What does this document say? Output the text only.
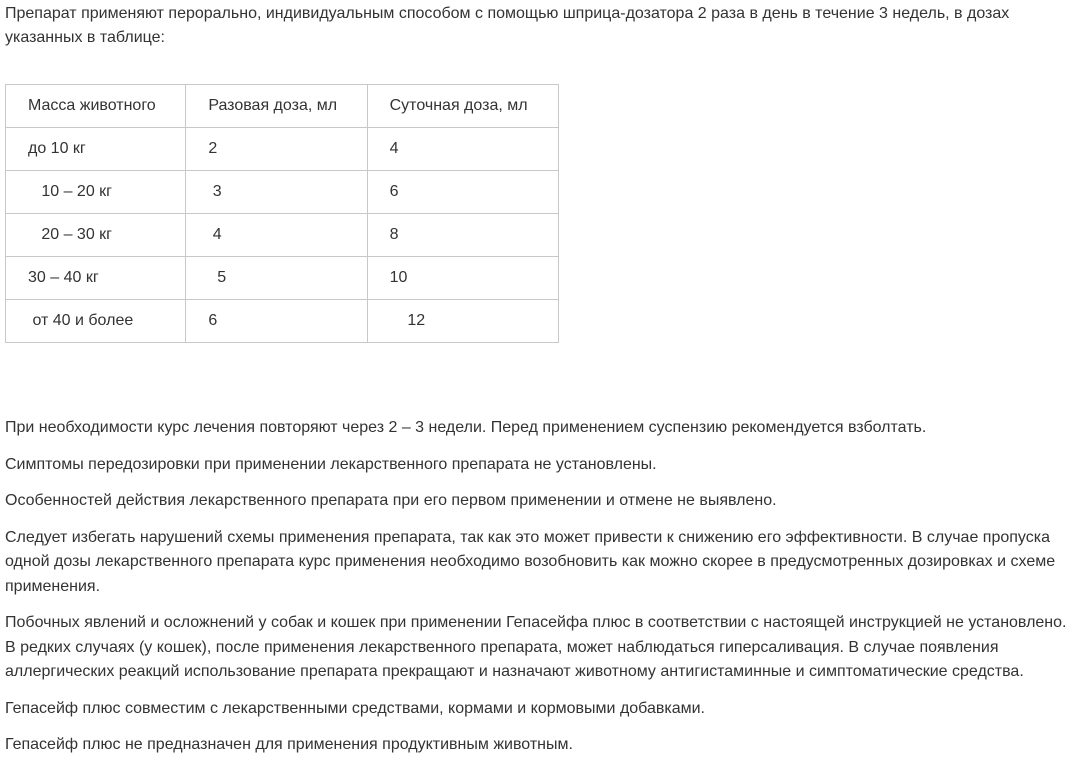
Препарат применяют перорально, индивидуальным способом с помощью шприца-дозатора 2 раза в день в течение 3 недель, в дозах указанных в таблице:

Масса животного	Разовая доза, мл	Суточная доза, мл
до 10 кг	2	4
10 – 20 кг	3	6
20 – 30 кг	4	8
30 – 40 кг	5	10
от 40 и более	6	12

При необходимости курс лечения повторяют через 2 – 3 недели. Перед применением суспензию рекомендуется взболтать.

Симптомы передозировки при применении лекарственного препарата не установлены.

Особенностей действия лекарственного препарата при его первом применении и отмене не выявлено.

Следует избегать нарушений схемы применения препарата, так как это может привести к снижению его эффективности. В случае пропуска одной дозы лекарственного препарата курс применения необходимо возобновить как можно скорее в предусмотренных дозировках и схеме применения.

Побочных явлений и осложнений у собак и кошек при применении Гепасейфа плюс в соответствии с настоящей инструкцией не установлено. В редких случаях (у кошек), после применения лекарственного препарата, может наблюдаться гиперсаливация. В случае появления аллергических реакций использование препарата прекращают и назначают животному антигистаминные и симптоматические средства.

Гепасейф плюс совместим с лекарственными средствами, кормами и кормовыми добавками.

Гепасейф плюс не предназначен для применения продуктивным животным.
